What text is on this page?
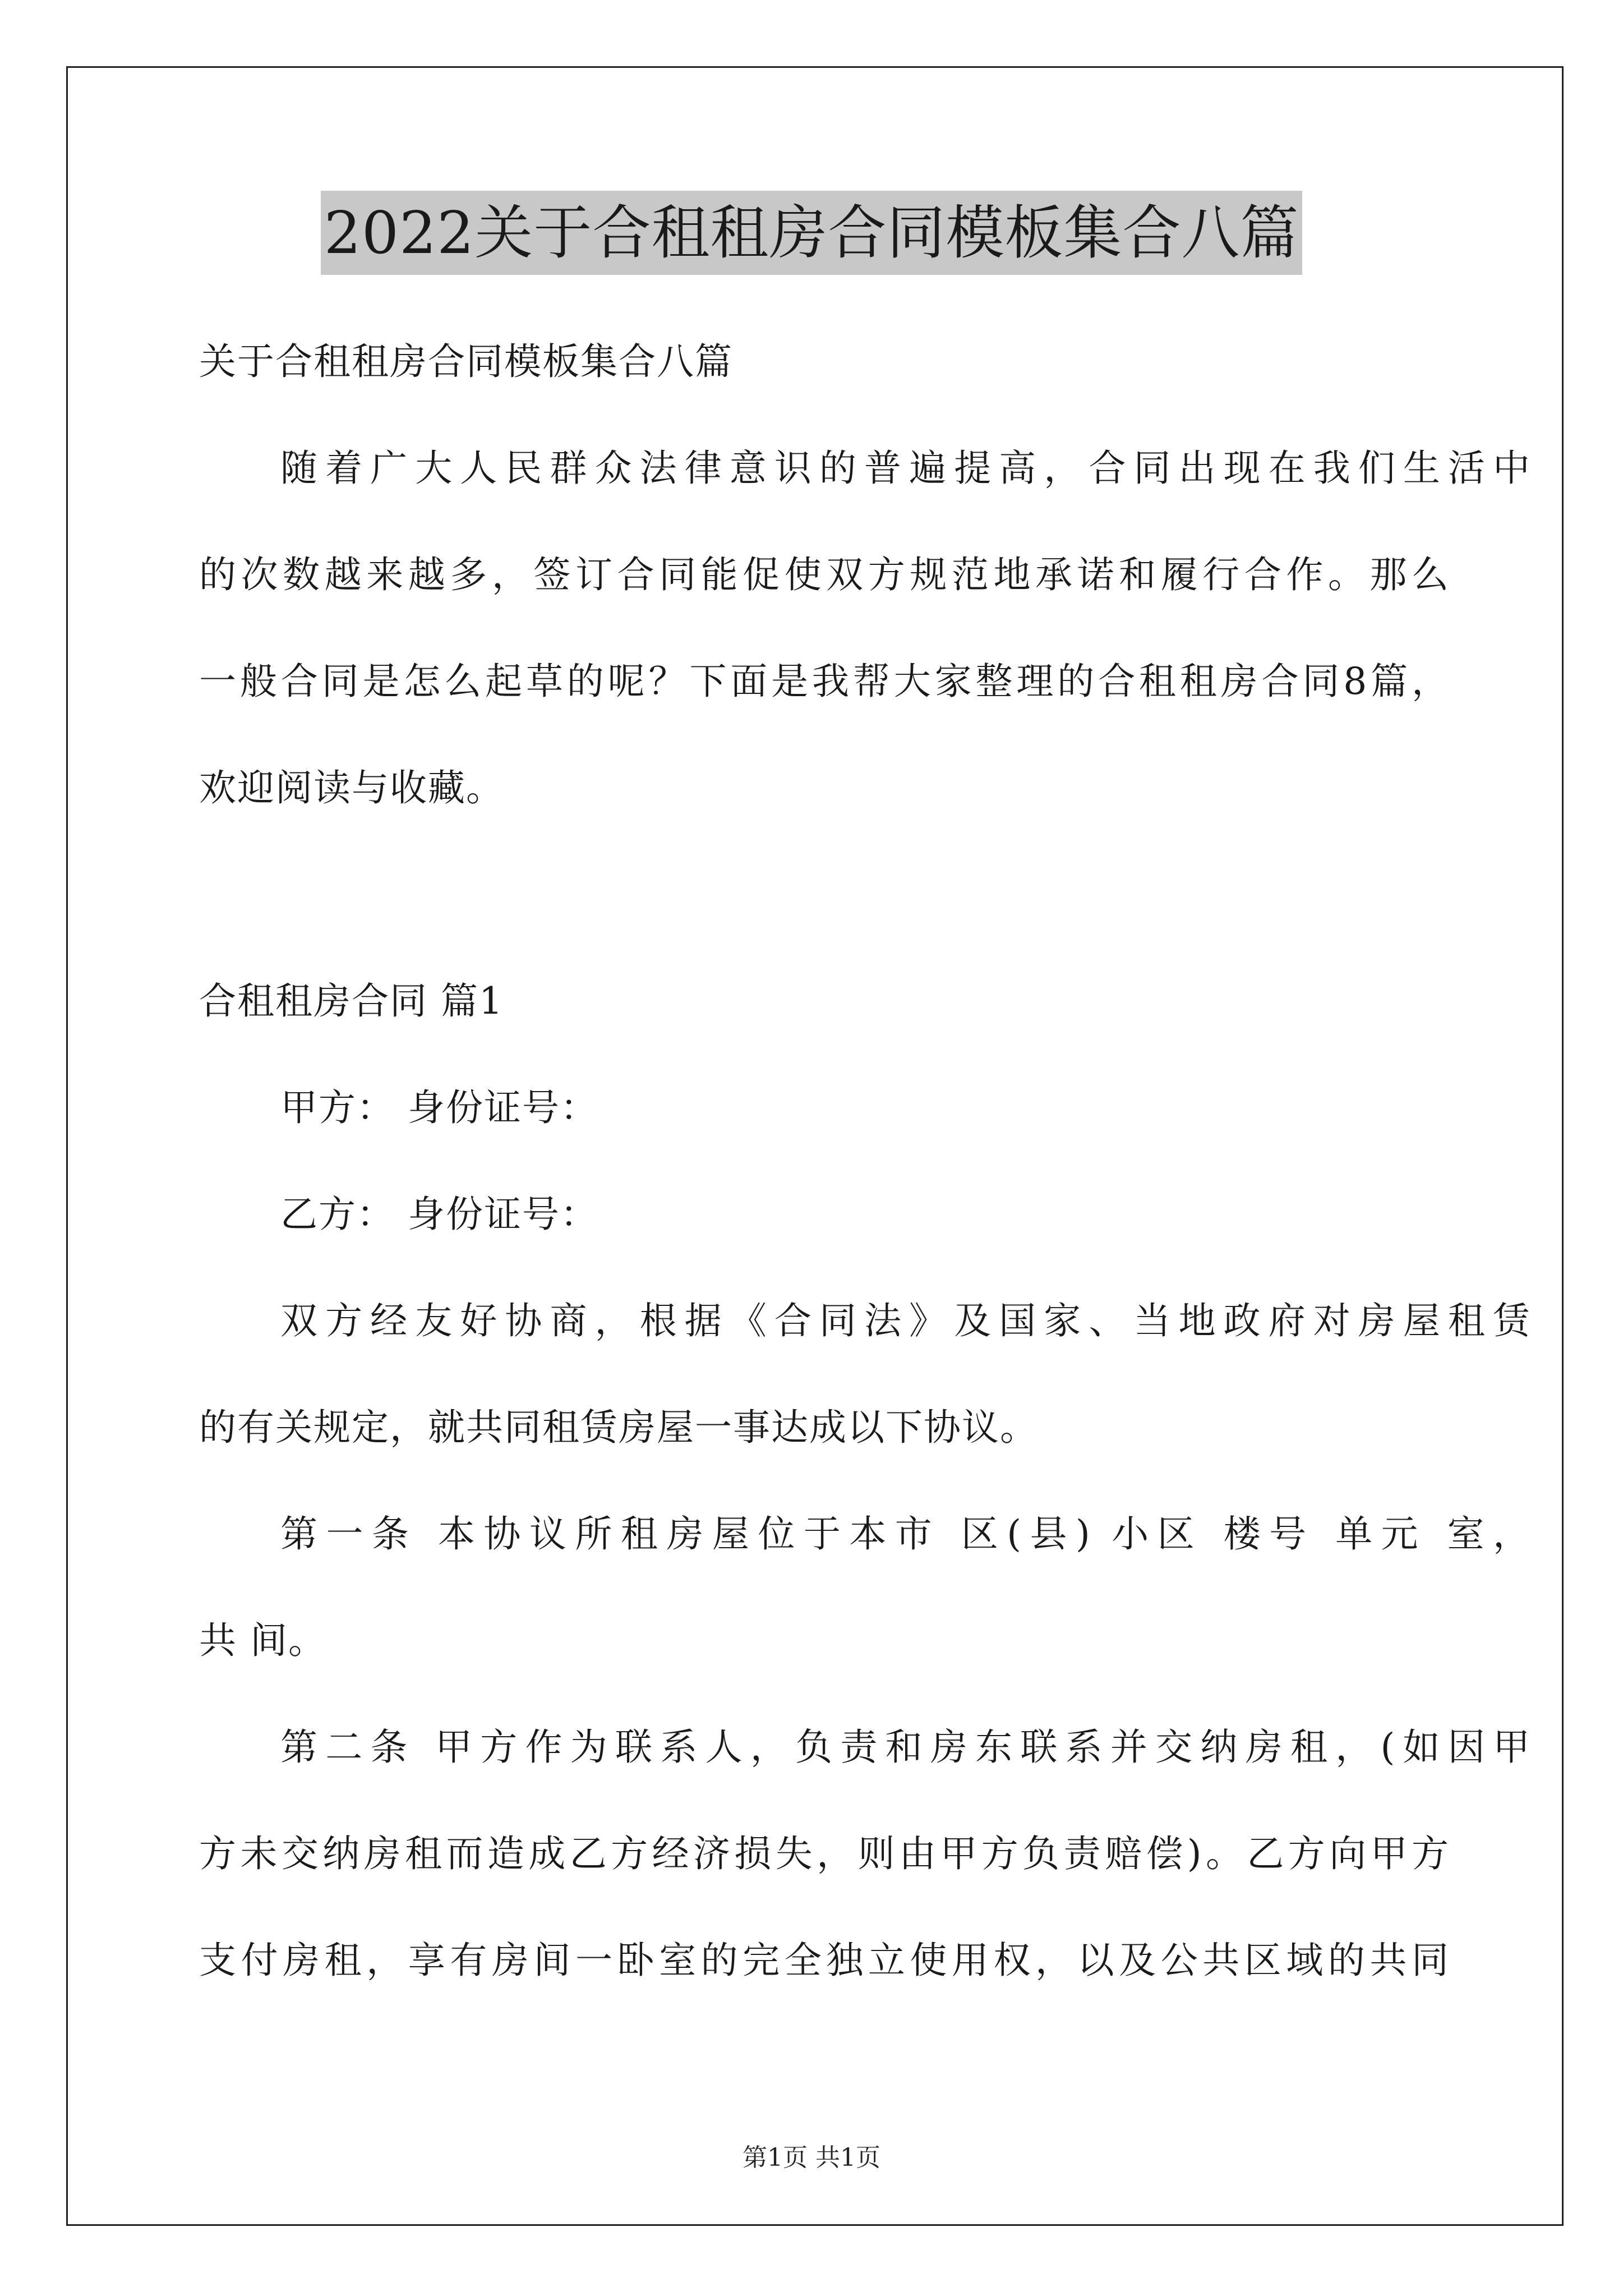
2022关于合租租房合同模板集合八篇
关于合租租房合同模板集合八篇
随着广大人民群众法律意识的普遍提高，合同出现在我们生活中
的次数越来越多，签订合同能促使双方规范地承诺和履行合作。那么
一般合同是怎么起草的呢？下面是我帮大家整理的合租租房合同8篇，
欢迎阅读与收藏。
合租租房合同 篇1
甲方： 身份证号：
乙方： 身份证号：
双方经友好协商，根据《合同法》及国家、当地政府对房屋租赁
的有关规定，就共同租赁房屋一事达成以下协议。
第一条 本协议所租房屋位于本市 区(县) 小区 楼号 单元 室，
共 间。
第二条 甲方作为联系人，负责和房东联系并交纳房租，(如因甲
方未交纳房租而造成乙方经济损失，则由甲方负责赔偿)。乙方向甲方
支付房租，享有房间一卧室的完全独立使用权，以及公共区域的共同
第1页 共1页
